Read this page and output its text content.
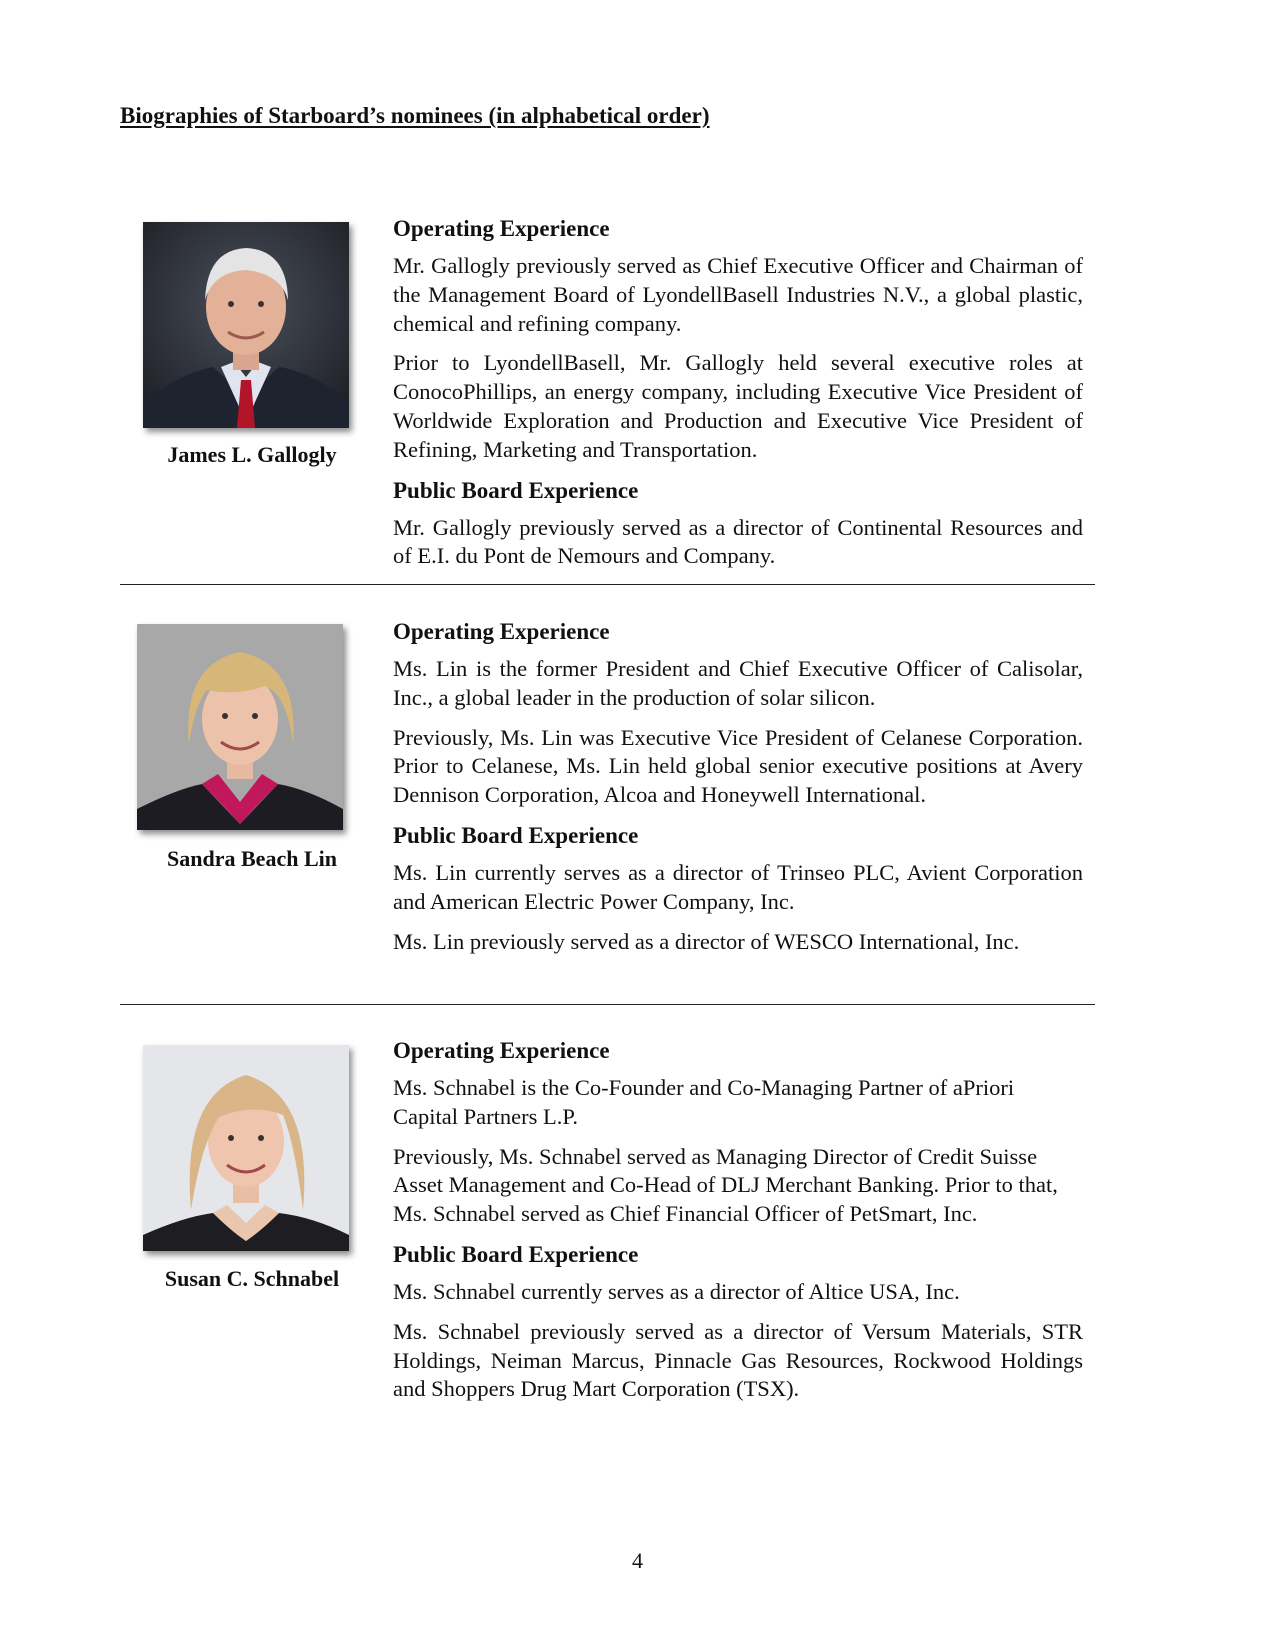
Biographies of Starboard’s nominees (in alphabetical order)
James L. Gallogly
Operating Experience

Mr. Gallogly previously served as Chief Executive Officer and Chairman of the Management Board of LyondellBasell Industries N.V., a global plastic, chemical and refining company.

Prior to LyondellBasell, Mr. Gallogly held several executive roles at ConocoPhillips, an energy company, including Executive Vice President of Worldwide Exploration and Production and Executive Vice President of Refining, Marketing and Transportation.

Public Board Experience

Mr. Gallogly previously served as a director of Continental Resources and of E.I. du Pont de Nemours and Company.

Sandra Beach Lin
Operating Experience

Ms. Lin is the former President and Chief Executive Officer of Calisolar, Inc., a global leader in the production of solar silicon.

Previously, Ms. Lin was Executive Vice President of Celanese Corporation. Prior to Celanese, Ms. Lin held global senior executive positions at Avery Dennison Corporation, Alcoa and Honeywell International.

Public Board Experience

Ms. Lin currently serves as a director of Trinseo PLC, Avient Corporation and American Electric Power Company, Inc.

Ms. Lin previously served as a director of WESCO International, Inc.

Susan C. Schnabel
Operating Experience

Ms. Schnabel is the Co-Founder and Co-Managing Partner of aPriori Capital Partners L.P.

Previously, Ms. Schnabel served as Managing Director of Credit Suisse Asset Management and Co-Head of DLJ Merchant Banking. Prior to that, Ms. Schnabel served as Chief Financial Officer of PetSmart, Inc.

Public Board Experience

Ms. Schnabel currently serves as a director of Altice USA, Inc.

Ms. Schnabel previously served as a director of Versum Materials, STR Holdings, Neiman Marcus, Pinnacle Gas Resources, Rockwood Holdings and Shoppers Drug Mart Corporation (TSX).

4
